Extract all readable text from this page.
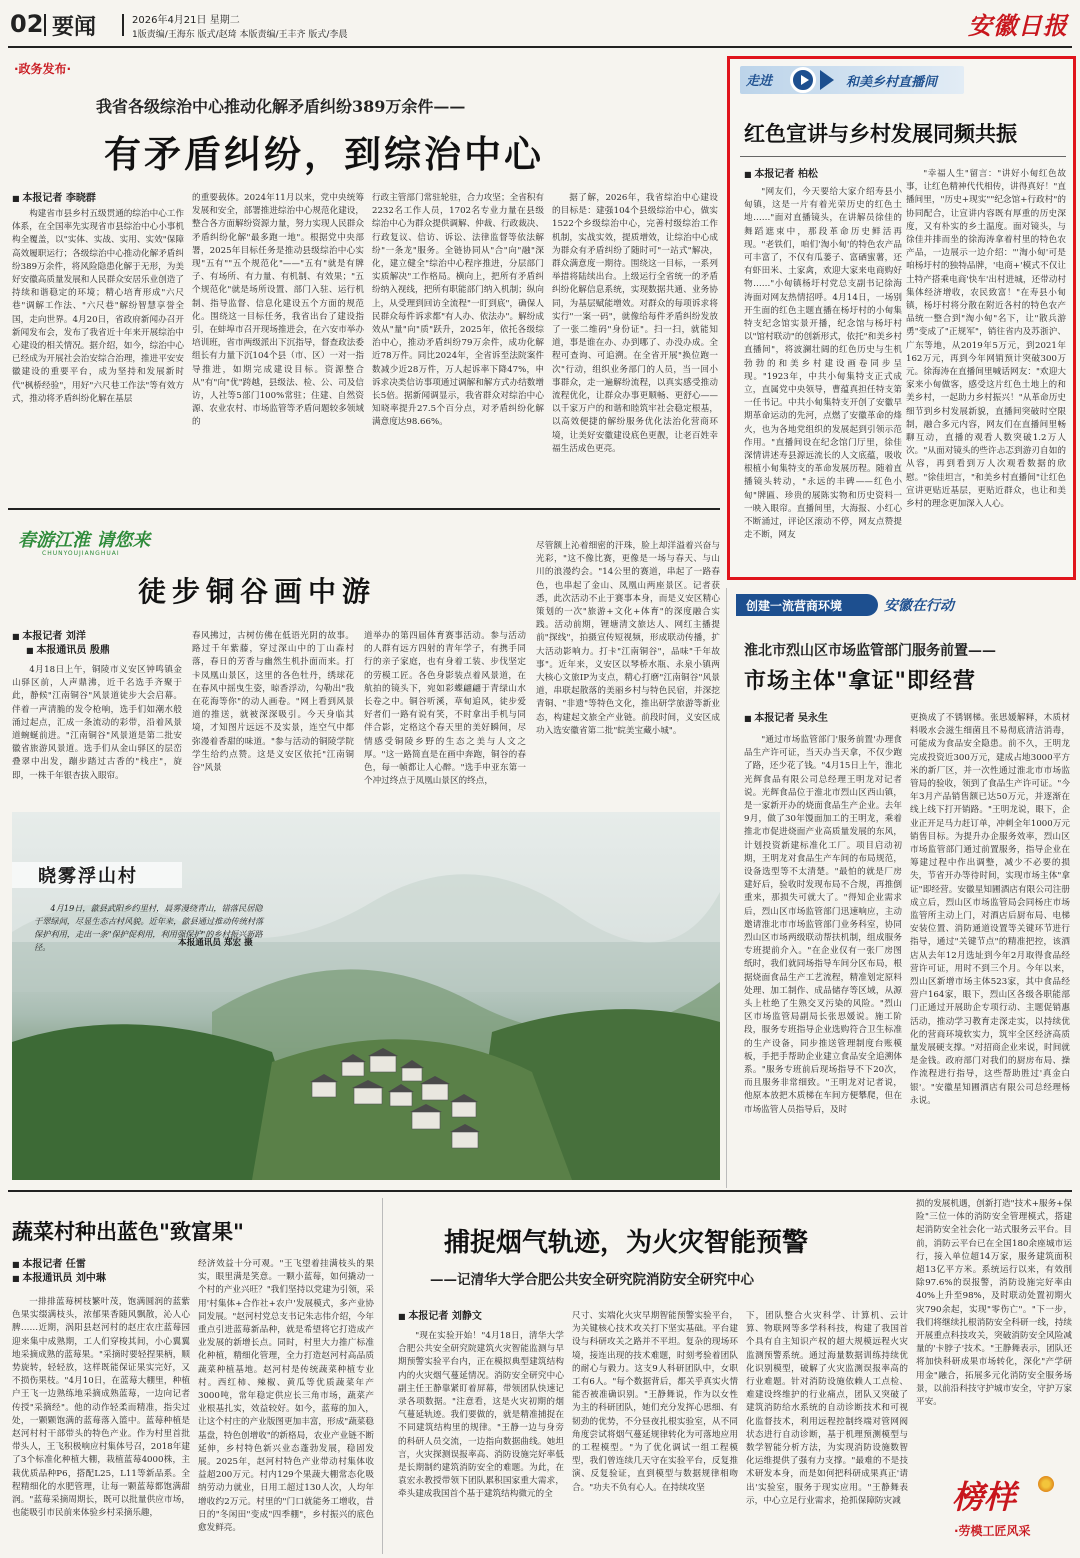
02 要闻	2026年4月21日 星期二
1版责编/王海东 版式/赵琦 本版责编/王丰齐 版式/李晨	安徽日报
·政务发布·
我省各级综治中心推动化解矛盾纠纷389万余件——
有矛盾纠纷，到综治中心
■ 本报记者 李晓群
构建省市县乡村五级贯通的综治中心工作体系，在全国率先实现省市县综治中心小事机构全覆盖，以"实体、实战、实用、实效"保障高效履职运行；各级综治中心推动化解矛盾纠纷389万余件，将风险隐患化解于无形，为美好安徽高质量发展和人民群众安居乐业创造了持续和谐稳定的环境；精心培育形成"六尺巷"调解工作法、"六尺巷"解纷智慧享誉全国，走向世界。4月20日，省政府新闻办召开新闻发布会，发布了我省近十年来开展综治中心建设的相关情况。据介绍，如今，综治中心已经成为开展社会治安综合治理，推进平安安徽建设的重要平台，成为坚持和发展新时代"枫桥经验"，用好"六尺巷工作法"等有效方式，推动将矛盾纠纷化解在基层
的重要载体。2024年11月以来，党中央统筹发展和安全，部署推进综治中心规范化建设，整合各方面解纷资源力量，努力实现人民群众矛盾纠纷化解"最多跑一地"。根据党中央部署，2025年目标任务是推动县级综治中心实现"五有""五个规范化"——"五有"就是有牌子、有场所、有力量、有机制、有效果；"五个规范化"就是场所设置、部门入驻、运行机制、指导监督、信息化建设五个方面的规范化。围绕这一目标任务，我省出台了建设指引，在蚌埠市召开现场推进会，在六安市举办培训班，省市两级派出下沉指导，督查政法委组长有力量下沉104个县（市、区）一对一指导推进，如期完成建设目标。资源整合从"有"向"优"跨越，县级法、检、公、司及信访，人社等5部门100%常驻；住建、自然资源、农业农村、市场监管等矛盾问题较多领域的
行政主管部门常驻轮驻，合力攻坚；全省积有2232名工作人员，1702名专业力量在县级综治中心为群众提供调解、仲裁、行政裁决、行政复议、信访、诉讼、法律监督等依法解纷"一条龙"服务。全链协同从"合"向"融"深化，建立健全"综治中心程序推进，分层部门实质解决"工作格局。横向上，把所有矛盾纠纷纳入视线，把所有职能部门纳入机制；纵向上，从受理到回访全流程"一盯到底"，确保人民群众每件诉求都"有人办、依法办"。解纷成效从"量"向"质"跃升，2025年，依托各级综治中心，推动矛盾纠纷79万余件，成功化解近78万件。同比2024年，全省诉至法院案件数减少近28万件，万人起诉率下降47%，申诉求决类信访事项通过调解和解方式办结数增长5倍。据新闻调显示，我省群众对综治中心知晓率提升27.5个百分点，对矛盾纠纷化解满意度达98.66%。
据了解，2026年，我省综治中心建设的目标是：建强104个县级综治中心，做实1522个乡级综治中心，完善村级综治工作机制，实战实效，提质增效，让综治中心成为群众有矛盾纠纷了随时可"一站式"解决，群众满意度一期待。围绕这一目标，一系列举措将陆续出台。上级运行全省统一的矛盾纠纷化解信息系统，实现数据共通、业务协同，为基层赋能增效。对群众的每项诉求将实行"一案一码"，就像给每件矛盾纠纷发放了一张二维码"身份证"。扫一扫，就能知道，事是谁在办、办到哪了、办没办成。全程可查询、可追溯。在全省开展"换位跑一次"行动，组织业务部门的人员，当一回小事群众，走一遍解纷流程，以真实感受推动流程优化，让群众办事更顺畅、更舒心——以千家万户的和谐和睦筑牢社会稳定根基，以高效便捷的解纷服务优化法治化营商环境，让美好安徽建设底色更靓，让老百姓幸福生活成色更亮。
走进	和美乡村直播间
红色宣讲与乡村发展同频共振
■ 本报记者 柏松
"网友们，今天要给大家介绍寿县小甸镇，这是一片有着光荣历史的红色土地……"面对直播镜头，在讲解员徐佳的舞蹈遮束中，那段革命历史鲜活再现。"老铁们，咱们'淘小甸'的特色农产品可丰富了，不仅有瓜蒌子、富硒蜜薯，还有虾田米、土家禽，欢迎大家来电商购好物……"小甸镇杨圩村党总支副书记徐海涛面对网友热情招呼。4月14日，一场别开生面的红色主题直播在杨圩村的小甸集特支纪念馆实景开播，纪念馆与杨圩村以"馆村联动"的创新形式，依托"和美乡村直播间"，将波澜壮阔的红色历史与生机勃勃的和美乡村建设画卷同步呈现。"1923年，中共小甸集特支正式成立，直属党中央领导，曹蕴真担任特支第一任书记。中共小甸集特支开创了安徽早期革命运动的先河，点燃了安徽革命的烽火，也为各地党组织的发展起到引领示范作用。"直播间设在纪念馆门厅里，徐佳深情讲述寿县源远流长的人文底蕴，吸收根植小甸集特支的革命发展历程。随着直播镜头转动，"永远的丰碑——红色小甸"牌匾、珍贵的展陈实物和历史资料一一映入眼帘。直播间里，大海报、小红心不断涌过，评论区滚动不停，网友点赞提走不断，网友
"幸福人生"留言："讲好小甸红色故事，让红色精神代代相传，讲得真好！"直播间里，"历史+现实""纪念馆+行政村"的协同配合，让宣讲内容既有厚重的历史深度，又有朴实的乡土温度。面对镜头，与徐佳并排而坐的徐海涛拿着村里的特色农产品，一边展示一边介绍："'淘小甸'可是咱杨圩村的独特品牌，'电商+'模式不仅让土特产搭乘电商'快车'出村进城，还带动村集体经济增收，农民致富！"在寿县小甸镇，杨圩村将分散在附近各村的特色农产品统一整合到"淘小甸"名下，让"散兵游勇"变成了"正规军"，销往省内及苏浙沪、广东等地，从2019年5万元，到2021年162万元，再到今年网销预计突破300万元。徐海涛在直播间里喊话网友："欢迎大家来小甸做客，感受这片红色土地上的和美乡村，一起助力乡村振兴！"从革命历史细节到乡村发展新貌，直播间突破时空限制，融合多元内容，网友们在直播间里畅聊互动，直播的观看人数突破1.2万人次。"从面对镜头的些许忐忑到游刃自如的从容，再到看到万人次观看数据的欣慰。"徐佳坦言，"和美乡村直播间"让红色宣讲更贴近基层，更贴近群众，也让和美乡村的理念更加深入人心。
春游江淮 请您来
CHUNYOUJIANGHUAI
徒步铜谷画中游
■ 本报记者 刘洋
■ 本报通讯员 殷鼎
4月18日上午，铜陵市义安区钟鸣镇金山驿区前，人声鼎沸，近千名选手齐聚于此，静候"江南铜谷"风景道徒步大会启幕。伴着一声清脆的发令枪响，选手们如潮水般涌过起点，汇成一条流动的彩带，沿着风景道蜿蜒前进。"江南铜谷"风景道是第二批安徽省旅游风景道。选手们从金山驿区的层峦叠翠中出发，蹦步踏过古香的"栈庄"，旋即，一株千年银杏拔入眼帘。
春风拂过，古树仿佛在低语光阴的故事。路过千年紫藤，穿过深山中的丁山森村落，春日的芳香与幽然生机扑面而来。打卡凤凰山景区，这里的各色牡丹，绣球花在春风中摇曳生姿，晾香浮动，勾勒出"我在花海等你"的动人画卷。"网上看到风景道的推送，就被深深吸引。今天身临其境，才知图片远远不及实景，连空气中都弥漫着香甜的味道。"参与活动的铜陵学院学生给约点赞。这是义安区依托"江南铜谷"风景
道举办的第四届体育赛事活动。参与活动的人群有远方四射的青年学子，有携手同行的亲子家庭，也有身着工装、步伐坚定的劳模工匠。各色身影装点着风景道，在航拍的镜头下，宛如彩蝶翩翩于青绿山水长卷之中。铜谷听溪，草甸追风，徒步爱好者们一路有说有笑，不时拿出手机与同伴合影，定格这个春天里的美好瞬间，尽情感受铜陵乡野的生态之美与人文之厚。"这一路简直是在画中奔跑，铜谷的春色，每一帧都让人心醉。"选手申亚东第一个冲过终点于凤凰山景区的终点，
尽管额上沁着细密的汗珠，脸上却洋溢着兴奋与光彩，"这不像比赛，更像是一场与春天、与山川的浪漫约会。"14公里的赛道，串起了一路春色，也串起了金山、凤凰山两座景区。记者获悉，此次活动不止于赛事本身，而是义安区精心策划的一次"旅游+文化+体育"的深度融合实践。活动前期，锂塘清文旅达人、网红主播提前"探线"，拍摄宣传短视频，形成联动传播，扩大活动影响力。打卡"江南铜谷"，品味"千年故事"。近年来，义安区以琴桥水瓶、永泉小镇两大核心文旅IP为支点，精心打磨"江南铜谷"风景道，串联起散落的美丽乡村与特色民宿，并深挖青铜、"非遗"等特色文化，推出研学旅游等新业态，构建起文旅全产业链。前段时间，义安区成功入选安徽省第二批"皖美宝藏小城"。
晓雾浮山村
4月19日，歙县武阳乡约里村，晨雾漫绕青山，错落民居隐于翠绿间，尽显生态古村风貌。近年来，歙县通过推动传统村落保护利用，走出一条"保护促利用，利用强保护"的乡村振兴新路径。	本报通讯员 郑宏 摄
创建一流营商环境	安徽在行动
淮北市烈山区市场监管部门服务前置——
市场主体"拿证"即经营
■ 本报记者 吴永生
"通过市场监管部门'服务前置'办理食品生产许可证，当天办当天拿，不仅少跑了路，还少花了钱。"4月15日上午，淮北光辉食品有限公司总经理王明龙对记者说。光辉食品位于淮北市烈山区西山镇，是一家新开办的烧面食品生产企业。去年9月，做了30年馒面加工的王明龙，乘着推北市促进烧面产业高质量发展的东风，计划投资新建标准化工厂。项目启动初期，王明龙对食品生产车间的布局规范，设备选型等不太清楚。"最怕的就是厂房建好后，验收时发现布局不合规，再推倒重来，那损失可就大了。"得知企业需求后，烈山区市场监管部门迅速响应，主动邀请淮北市市场监管部门业务科室，协同烈山区市场两级联动帮扶机制，组成服务专班提前介入。"在企业仅有一张厂房图纸时，我们就同场指导车间分区布局，根据烧面食品生产工艺流程，精准划定原料处理、加工制作、成品储存等区域，从源头上杜绝了生熟交叉污染的风险。"烈山区市场监管局副局长张思媛说。施工阶段，服务专班指导企业选购符合卫生标准的生产设备，同步推送管理制度台账模板，手把手帮助企业建立食品安全追溯体系。"服务专班前后现场指导不下20次，而且服务非常细致。"王明龙对记者说，他原本放把木质梯在车间方便攀爬，但在市场监管人员指导后，及时
更换成了不锈钢梯。张思媛解释，木质材料吸水会滋生细菌且不易彻底清洁消毒，可能成为食品安全隐患。前不久，王明龙完成投资近300万元，建成占地3000平方米的新厂区，并一次性通过淮北市市场监管局的验收，领到了食品生产许可证。"今年3月产品销售额已达50万元，并逐渐在线上线下打开销路。"王明龙说，眼下，企业正开足马力赶订单，冲刺全年1000万元销售目标。为提升办企服务效率，烈山区市场监管部门通过前置服务，指导企业在筹建过程中作出调整，减少不必要的损失，节省开办等待时间，实现市场主体"拿证"即经营。安徽星知圃酒店有限公司注册成立后，烈山区市场监管局会同杨庄市场监管所主动上门，对酒店后厨布局、电梯安装位置、消防通道设置等关键环节进行指导，通过"关键节点"的精准把控，该酒店从去年12月选址到今年2月取得食品经营许可证，用时不到三个月。今年以来，烈山区新增市场主体523家，其中食品经营户164家，眼下，烈山区各级各职能部门正通过开展助企专项行动、主题促销惠活动，推动学习教育走深走实，以持续优化的营商环境软实力，筑牢全区经济高质量发展硬支撑。"对招商企业来说，时间就是金钱。政府部门对我们的厨房布局、操作流程进行指导，这些帮助胜过'真金白银'。"安徽星知圃酒店有限公司总经理杨永说。
蔬菜村种出蓝色"致富果"
■ 本报记者 任雷
■ 本报通讯员 刘中琳
一排排蓝莓树枝繁叶茂，饱满圆润的蓝紫色果实缀满枝头，浓郁果香随风飘散，沁人心脾……近期，涡阳县赵河村的赵庄农庄蓝莓园迎来集中成熟期，工人们穿梭其间，小心翼翼地采摘成熟的蓝莓果。"采摘时要轻捏果柄，顺势旋转，轻轻放，这样既能保证果实完好，又不损伤果枝。"4月10日，在蓝莓大棚里，种植户王飞一边熟练地采摘成熟蓝莓，一边向记者传授"采摘经"。他的动作轻柔而精准，指尖过处，一颗颗饱满的蓝莓落入篮中。蓝莓种植是赵河村村干部带头的特色产业。作为村里首批带头人，王飞积极响应村集体号召，2018年建了3个标准化种植大棚，栽植蓝莓4000株，主栽优质品种P6，搭配L25，L11等新品系。全程精细化的水肥管理，让每一颗蓝莓都饱满甜润。"蓝莓采摘周期长，既可以批量供应市场，也能吸引市民前来体验乡村采摘乐趣，
经济效益十分可观。"王飞望着挂满枝头的果实，眼里满是笑意。一颗小蓝莓，如何撬动一个村的产业兴旺？"我们坚持以党建为引领，采用'村集体+合作社+农户'发展模式，多产业协同发展。"赵河村党总支书记朱志伟介绍，今年重点引进蓝莓新品种，就是希望将它打造成产业发展的新增长点。同时，村里大力推广标准化种植，精细化管理，全力打造赵河村高品质蔬菜种植基地。赵河村是传统蔬菜种植专业村。西红柿、辣椒、黄瓜等优质蔬菜年产3000吨，常年稳定供应长三角市场，蔬菜产业根基扎实，效益较好。如今，蓝莓的加入，让这个村庄的产业版图更加丰富，形成"蔬菜稳基盘，特色创增收"的新格局，农业产业链不断延伸，乡村特色新兴业态蓬勃发展，稳固发展。2025年，赵河村特色产业带动村集体收益超200万元。村内129个果蔬大棚常态化吸纳劳动力就业，日用工超过130人次，人均年增收约2万元。村里的"门口就能务工增收，昔日的"冬闲田"变成"四季棚"，乡村振兴的底色愈发鲜亮。
捕捉烟气轨迹，为火灾智能预警
——记清华大学合肥公共安全研究院消防安全研究中心
■ 本报记者 刘静文
"现在实验开始！"4月18日，清华大学合肥公共安全研究院建筑火灾智能监测与早期预警实验平台内，正在模拟典型建筑结构内的火灾烟气蔓延情况。消防安全研究中心副主任王静靠紧盯着屏幕，带领团队快速记录各项数据。"注意看，这是火灾初期的烟气蔓延轨迹。我们要做的，就是精准捕捉在不同建筑结构里的规律。"王静一边与身旁的科研人员交流，一边指向数据曲线。她坦言，火灾探测误报率高、消防设施完好率低是长期制约建筑消防安全的难题。为此，在袁宏永教授带领下团队累积国家重大需求，牵头建成我国首个基于建筑结构微元的全
尺寸、实端化火灾早期智能预警实验平台，为关键核心技术攻关打下坚实基础。平台建设与科研攻关之路并不平坦。复杂的现场环境，接连出现的技术难题，时刻考验着团队的耐心与毅力。这支9人科研团队中，女职工有6人。"每个数据背后，都关乎真实火情能否被准确识别。"王静舞说，作为以女性为主的科研团队，她们充分发挥心思细、有韧劲的优势，不分昼夜扎根实验室，从不同角度尝试将烟气蔓延规律转化为可落地应用的工程模型。"为了优化调试一组工程模型，我们曾连续几天守在实验平台，反复推演、反复验证，直到模型与数据规律相吻合。"功夫不负有心人。在持续攻坚
下，团队整合火灾科学、计算机、云计算、物联网等多学科科技，构建了我国首个具有自主知识产权的超大规模远程火灾监测预警系统。通过海量数据训练持续优化识别模型，破解了火灾监测误报率高的行业难题。针对消防设施依赖人工点检、难建设终维护的行业痛点，团队又突破了建筑消防给水系统的自动诊断技术和可视化监督技术，利用远程控制终端对管网阀状态进行自动诊断，基于机理预测模型与数学智能分析方法，为实现消防设施数智化运维提供了强有力支撑。"最难的不是技术研发本身，而是如何把科研成果真正'请出'实验室，服务于现实应用。"王静舞表示，中心立足行业需求，抢抓保障防灾减
损的发展机遇，创新打造"技术+服务+保险"三位一体的消防安全管理模式，搭建起消防安全社会化一站式服务云平台。目前，消防云平台已在全国180余座城市运行，接入单位超14万家，服务建筑面积超13亿平方米。系统运行以来，有效削除97.6%的误报警，消防设施完好率由40%上升至98%，及时联动处置初期火灾790余起，实现"零伤亡"。"下一步，我们将继续扎根消防安全科研一线，持续开展重点科技攻关，突破消防安全风险减量的'卡脖子'技术。"王静舞表示，团队还将加快科研成果市场转化，深化"产学研用金"融合，拓展多元化消防安全服务场景，以前沿科技守护城市安全，守护万家平安。
榜样
·劳模工匠风采
